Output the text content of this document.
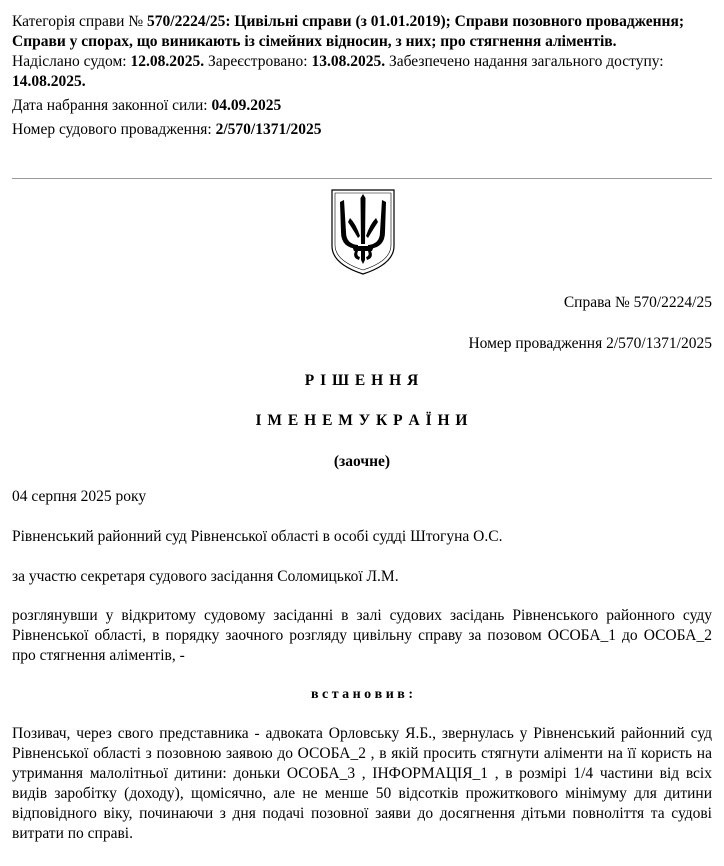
Категорія справи № 570/2224/25: Цивільні справи (з 01.01.2019); Справи позовного провадження; Справи у спорах, що виникають із сімейних відносин, з них; про стягнення аліментів.

Надіслано судом: 12.08.2025. Зареєстровано: 13.08.2025. Забезпечено надання загального доступу: 14.08.2025.

Дата набрання законної сили: 04.09.2025

Номер судового провадження: 2/570/1371/2025

Справа № 570/2224/25
Номер провадження 2/570/1371/2025
Р І Ш Е Н Н Я
І М Е Н Е М У К Р А Ї Н И
(заочне)

04 серпня 2025 року

Рівненський районний суд Рівненської області в особі судді Штогуна О.С.

за участю секретаря судового засідання Соломицької Л.М.

розглянувши у відкритому судовому засіданні в залі судових засідань Рівненського районного суду Рівненської області, в порядку заочного розгляду цивільну справу за позовом ОСОБА_1 до ОСОБА_2 про стягнення аліментів, -

в с т а н о в и в :

Позивач, через свого представника - адвоката Орловську Я.Б., звернулась у Рівненський районний суд Рівненської області з позовною заявою до ОСОБА_2 , в якій просить стягнути аліменти на її користь на утримання малолітньої дитини: доньки ОСОБА_3 , ІНФОРМАЦІЯ_1 , в розмірі 1/4 частини від всіх видів заробітку (доходу), щомісячно, але не менше 50 відсотків прожиткового мінімуму для дитини відповідного віку, починаючи з дня подачі позовної заяви до досягнення дітьми повноліття та судові витрати по справі.
